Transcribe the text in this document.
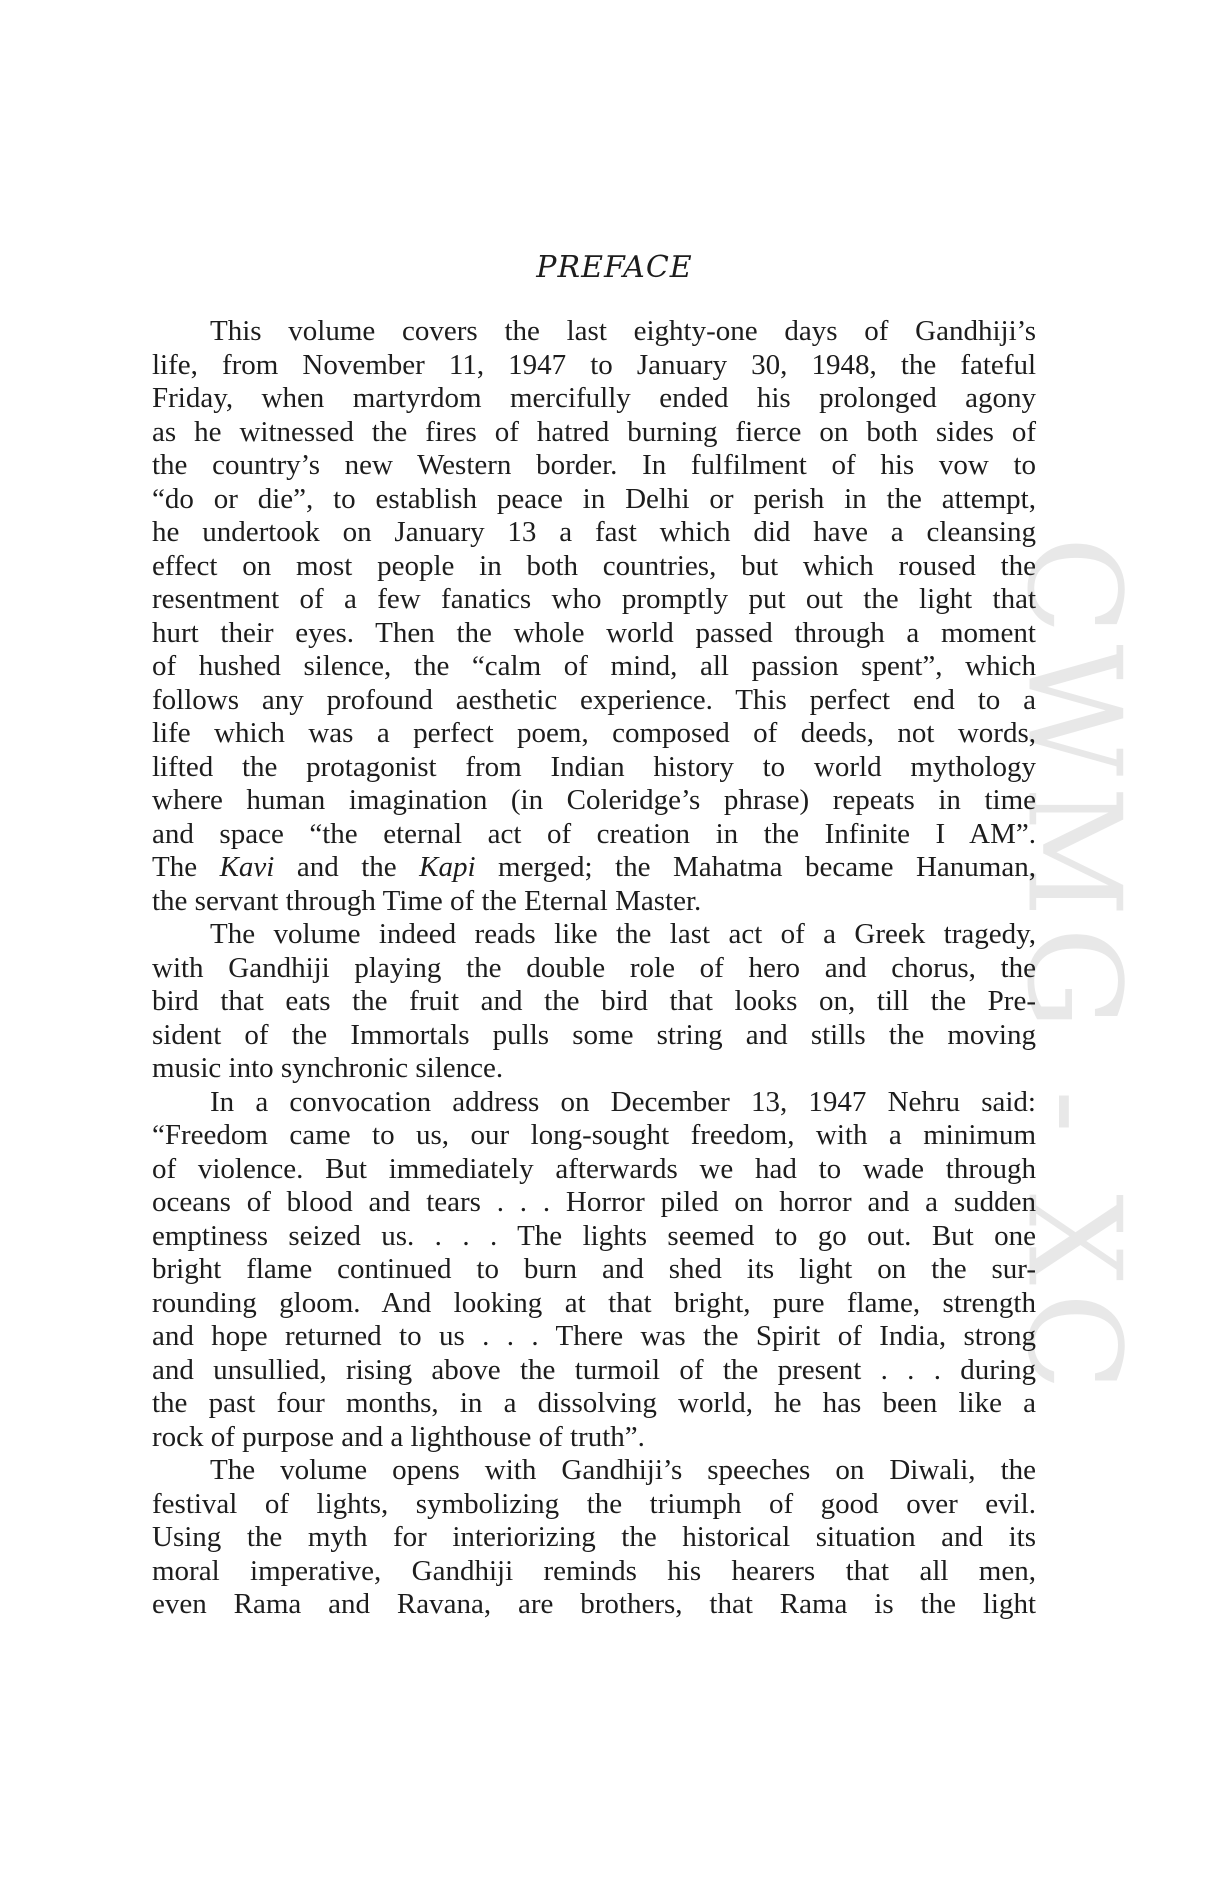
CWMG - XC
PREFACE
This volume covers the last eighty-one days of Gandhiji’s
life, from November 11, 1947 to January 30, 1948, the fateful
Friday, when martyrdom mercifully ended his prolonged agony
as he witnessed the fires of hatred burning fierce on both sides of
the country’s new Western border. In fulfilment of his vow to
“do or die”, to establish peace in Delhi or perish in the attempt,
he undertook on January 13 a fast which did have a cleansing
effect on most people in both countries, but which roused the
resentment of a few fanatics who promptly put out the light that
hurt their eyes. Then the whole world passed through a moment
of hushed silence, the “calm of mind, all passion spent”, which
follows any profound aesthetic experience. This perfect end to a
life which was a perfect poem, composed of deeds, not words,
lifted the protagonist from Indian history to world mythology
where human imagination (in Coleridge’s phrase) repeats in time
and space “the eternal act of creation in the Infinite I AM”.
The Kavi and the Kapi merged; the Mahatma became Hanuman,
the servant through Time of the Eternal Master.
The volume indeed reads like the last act of a Greek tragedy,
with Gandhiji playing the double role of hero and chorus, the
bird that eats the fruit and the bird that looks on, till the Pre-
sident of the Immortals pulls some string and stills the moving
music into synchronic silence.
In a convocation address on December 13, 1947 Nehru said:
“Freedom came to us, our long-sought freedom, with a minimum
of violence. But immediately afterwards we had to wade through
oceans of blood and tears . . . Horror piled on horror and a sudden
emptiness seized us. . . . The lights seemed to go out. But one
bright flame continued to burn and shed its light on the sur-
rounding gloom. And looking at that bright, pure flame, strength
and hope returned to us . . . There was the Spirit of India, strong
and unsullied, rising above the turmoil of the present . . . during
the past four months, in a dissolving world, he has been like a
rock of purpose and a lighthouse of truth”.
The volume opens with Gandhiji’s speeches on Diwali, the
festival of lights, symbolizing the triumph of good over evil.
Using the myth for interiorizing the historical situation and its
moral imperative, Gandhiji reminds his hearers that all men,
even Rama and Ravana, are brothers, that Rama is the light
